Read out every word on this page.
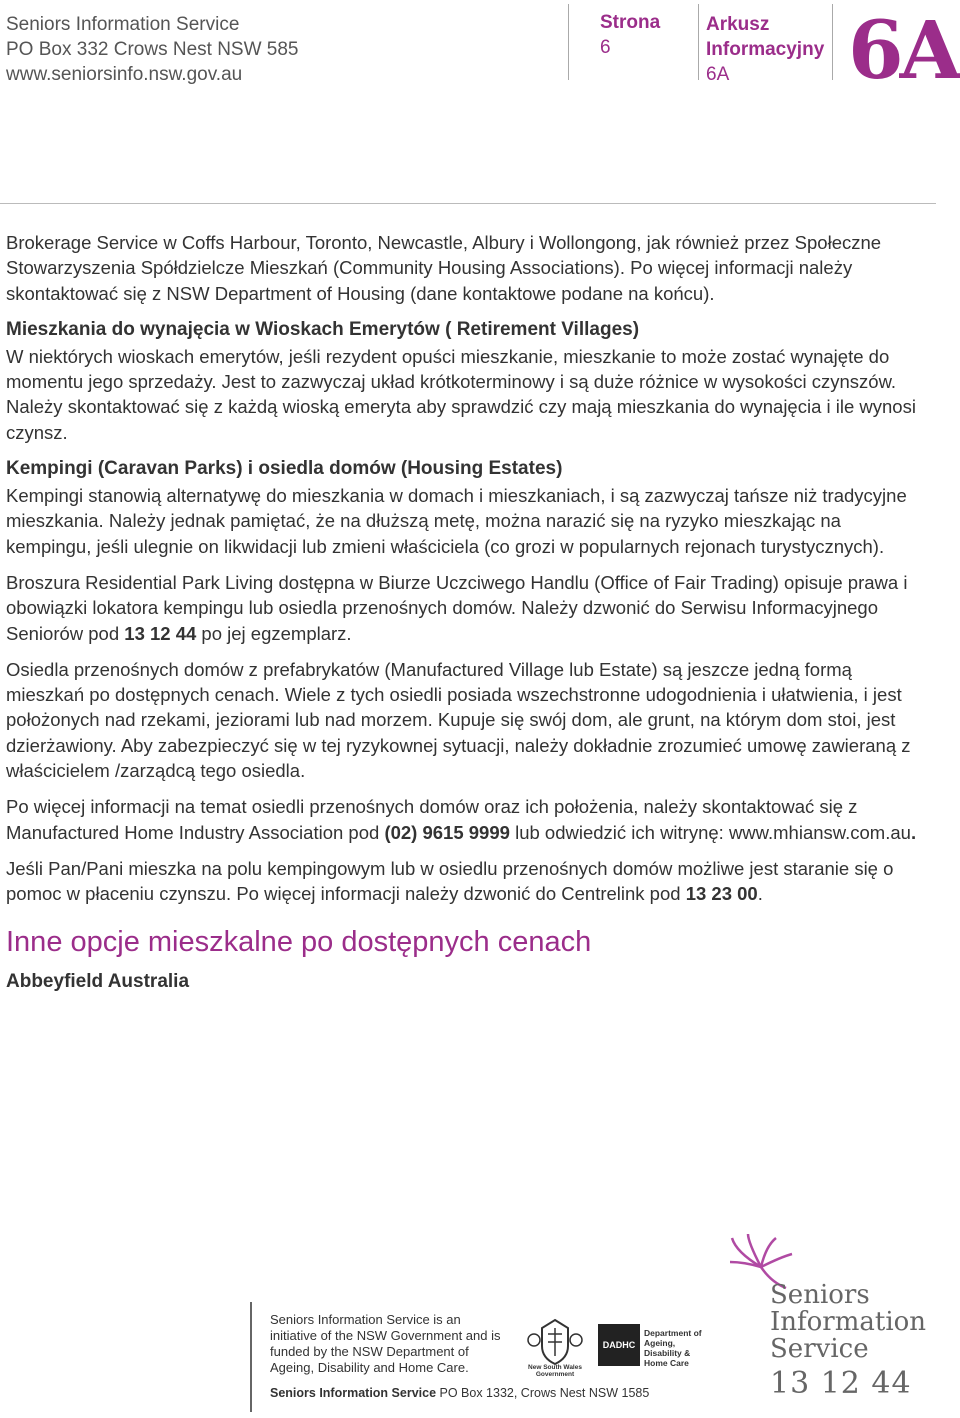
Seniors Information Service
PO Box 332 Crows Nest NSW 585
www.seniorsinfo.nsw.gov.au
Strona
6
Arkusz
Informacyjny
6A	6A

Brokerage Service w Coffs Harbour, Toronto, Newcastle, Albury i Wollongong, jak również przez Społeczne Stowarzyszenia Spółdzielcze Mieszkań (Community Housing Associations). Po więcej informacji należy skontaktować się z NSW Department of Housing (dane kontaktowe podane na końcu).

Mieszkania do wynajęcia w Wioskach Emerytów ( Retirement Villages)

W niektórych wioskach emerytów, jeśli rezydent opuści mieszkanie, mieszkanie to może zostać wynajęte do momentu jego sprzedaży. Jest to zazwyczaj układ krótkoterminowy i są duże różnice w wysokości czynszów. Należy skontaktować się z każdą wioską emeryta aby sprawdzić czy mają mieszkania do wynajęcia i ile wynosi czynsz.

Kempingi (Caravan Parks) i osiedla domów (Housing Estates)

Kempingi stanowią alternatywę do mieszkania w domach i mieszkaniach, i są zazwyczaj tańsze niż tradycyjne mieszkania. Należy jednak pamiętać, że na dłuższą metę, można narazić się na ryzyko mieszkając na kempingu, jeśli ulegnie on likwidacji lub zmieni właściciela (co grozi w popularnych rejonach turystycznych).

Broszura Residential Park Living dostępna w Biurze Uczciwego Handlu (Office of Fair Trading) opisuje prawa i obowiązki lokatora kempingu lub osiedla przenośnych domów. Należy dzwonić do Serwisu Informacyjnego Seniorów pod 13 12 44 po jej egzemplarz.

Osiedla przenośnych domów z prefabrykatów (Manufactured Village lub Estate) są jeszcze jedną formą mieszkań po dostępnych cenach. Wiele z tych osiedli posiada wszechstronne udogodnienia i ułatwienia, i jest położonych nad rzekami, jeziorami lub nad morzem. Kupuje się swój dom, ale grunt, na którym dom stoi, jest dzierżawiony. Aby zabezpieczyć się w tej ryzykownej sytuacji, należy dokładnie zrozumieć umowę zawieraną z właścicielem /zarządcą tego osiedla.

Po więcej informacji na temat osiedli przenośnych domów oraz ich położenia, należy skontaktować się z Manufactured Home Industry Association pod (02) 9615 9999 lub odwiedzić ich witrynę: www.mhiansw.com.au.

Jeśli Pan/Pani mieszka na polu kempingowym lub w osiedlu przenośnych domów możliwe jest staranie się o pomoc w płaceniu czynszu. Po więcej informacji należy dzwonić do Centrelink pod 13 23 00.

Inne opcje mieszkalne po dostępnych cenach
Abbeyfield Australia
Seniors Information Service is an initiative of the NSW Government and is funded by the NSW Department of Ageing, Disability and Home Care.
Seniors Information Service PO Box 1332, Crows Nest NSW 1585
New South Wales Government
DADHC
Department of Ageing, Disability & Home Care
Seniors
Information
Service
13 12 44
